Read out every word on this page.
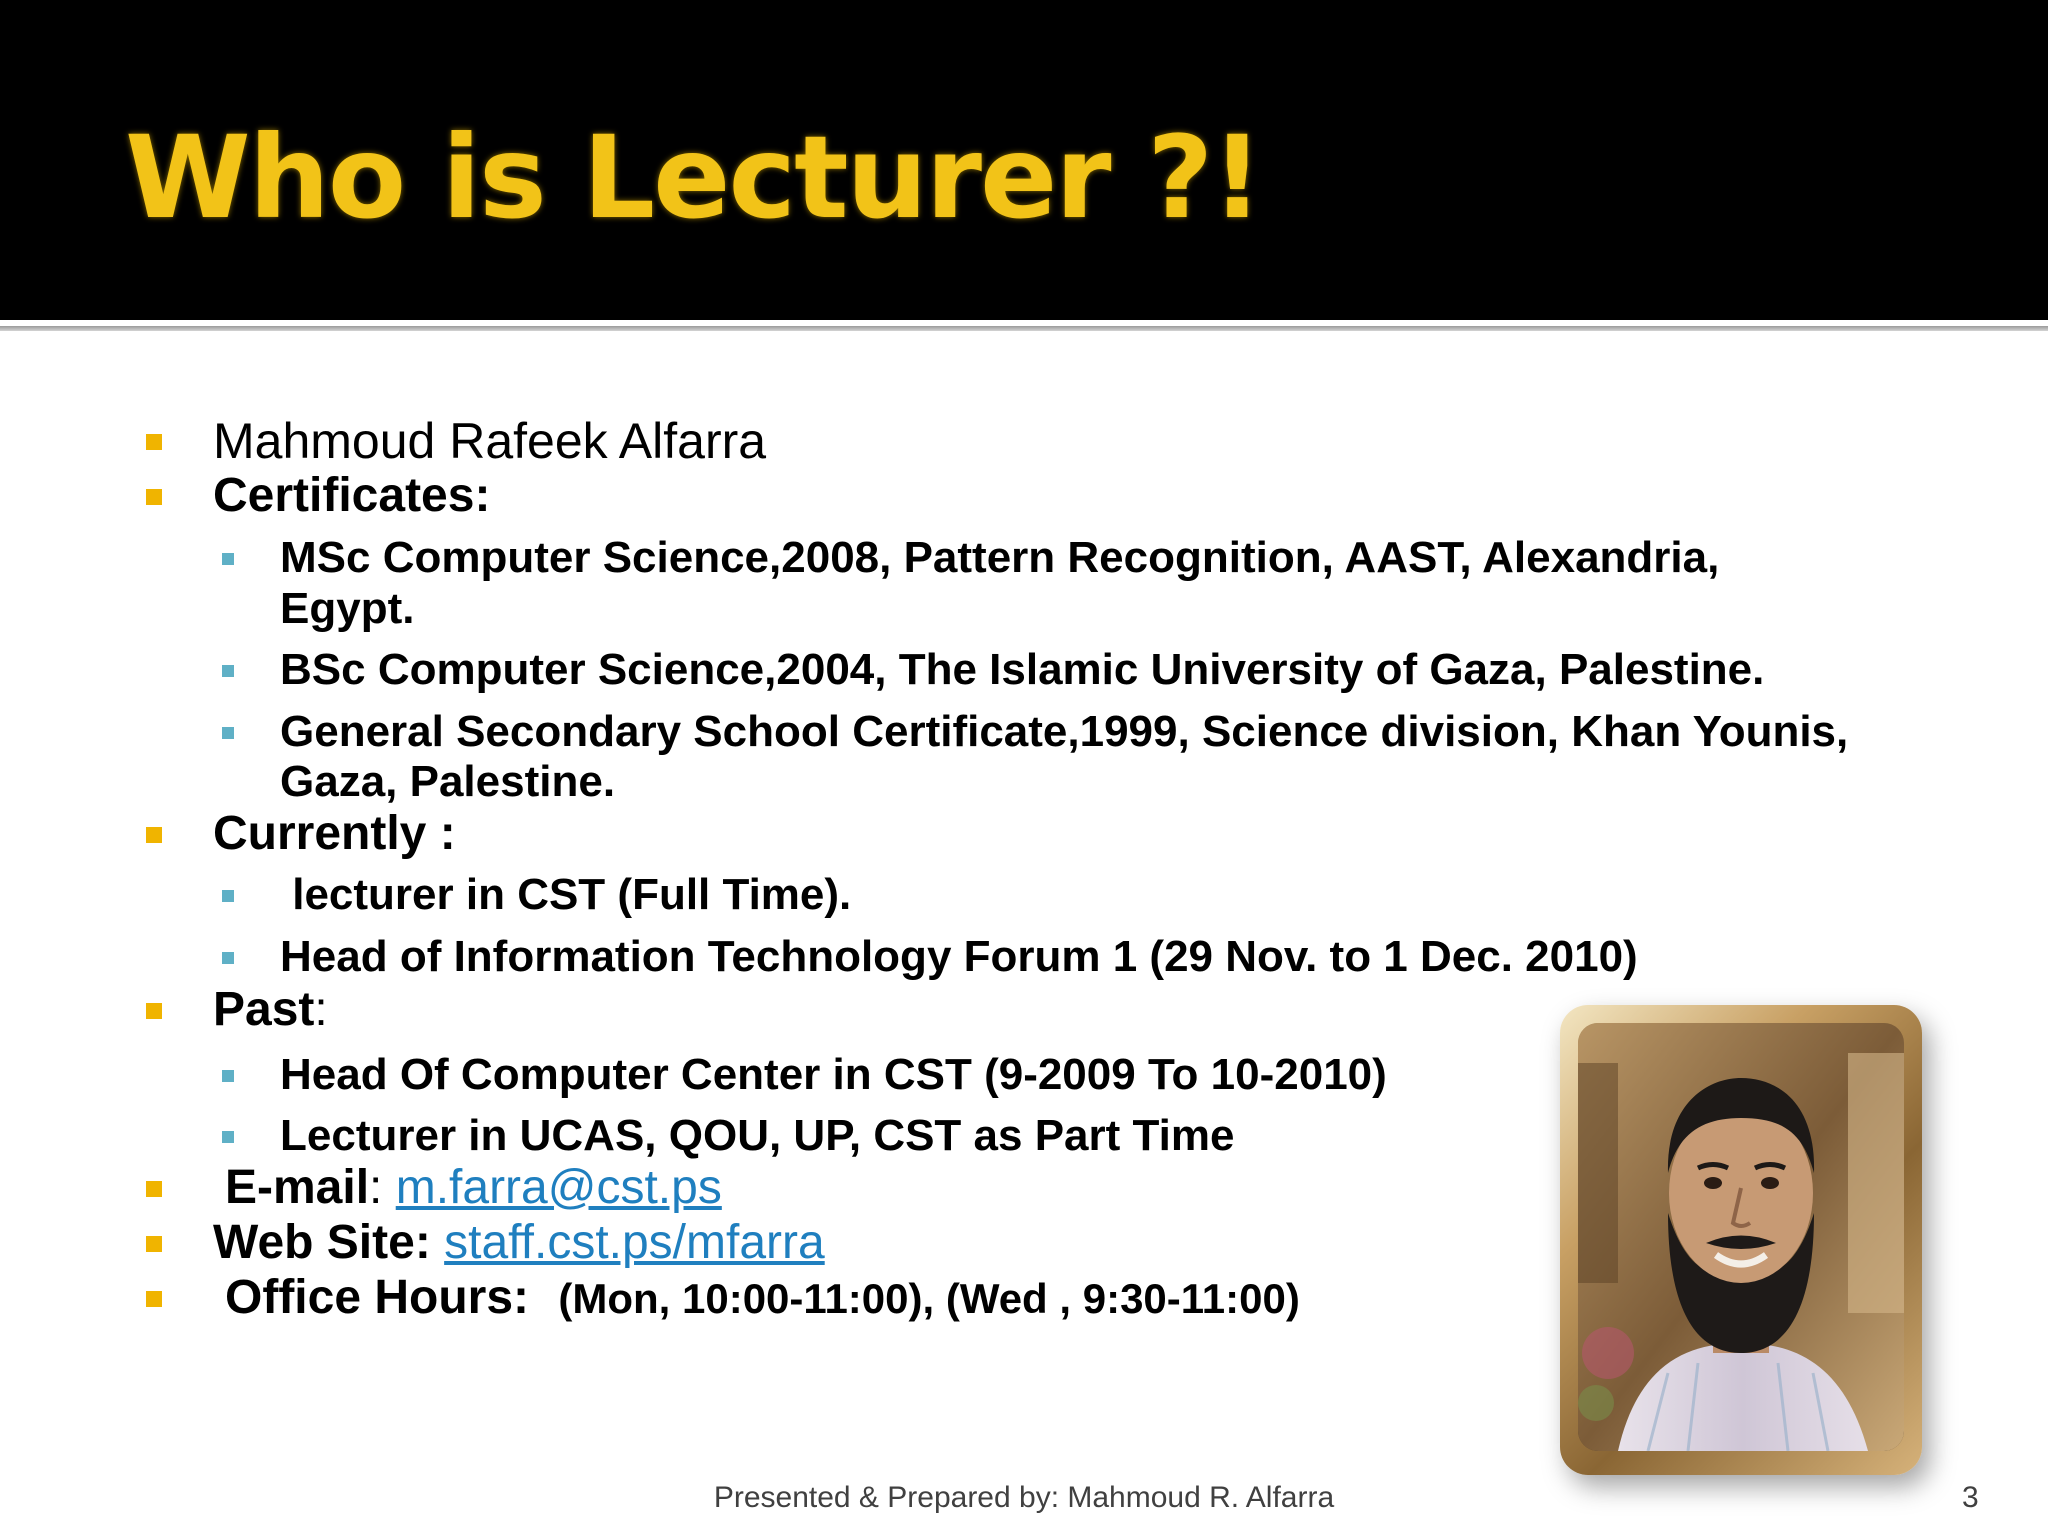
Who is Lecturer ?!
Mahmoud Rafeek Alfarra
Certificates:
MSc Computer Science,2008, Pattern Recognition, AAST, Alexandria,
Egypt.
BSc Computer Science,2004, The Islamic University of Gaza, Palestine.
General Secondary School Certificate,1999, Science division, Khan Younis,
Gaza, Palestine.
Currently :
lecturer in CST (Full Time).
Head of Information Technology Forum 1 (29 Nov. to 1 Dec. 2010)
Past:
Head Of Computer Center in CST (9-2009 To 10-2010)
Lecturer in UCAS, QOU, UP, CST as Part Time
E-mail: m.farra@cst.ps
Web Site: staff.cst.ps/mfarra
Office Hours: (Mon, 10:00-11:00), (Wed , 9:30-11:00)
Presented & Prepared by: Mahmoud R. Alfarra	3
